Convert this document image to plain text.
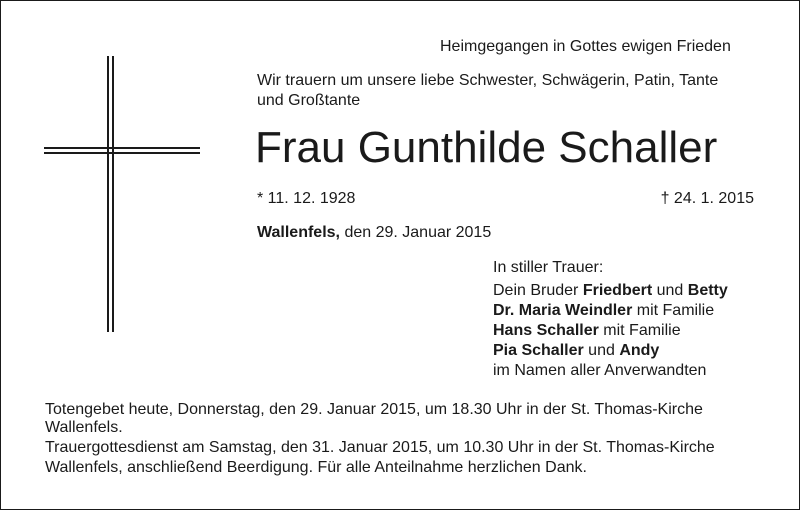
Heimgegangen in Gottes ewigen Frieden
Wir trauern um unsere liebe Schwester, Schwägerin, Patin, Tante
und Großtante
Frau Gunthilde Schaller
* 11. 12. 1928	† 24. 1. 2015
Wallenfels, den 29. Januar 2015
In stiller Trauer:
Dein Bruder Friedbert und Betty
Dr. Maria Weindler mit Familie
Hans Schaller mit Familie
Pia Schaller und Andy
im Namen aller Anverwandten
Totengebet heute, Donnerstag, den 29. Januar 2015, um 18.30 Uhr in der St. Thomas-Kirche
Wallenfels.
Trauergottesdienst am Samstag, den 31. Januar 2015, um 10.30 Uhr in der St. Thomas-Kirche
Wallenfels, anschließend Beerdigung. Für alle Anteilnahme herzlichen Dank.
